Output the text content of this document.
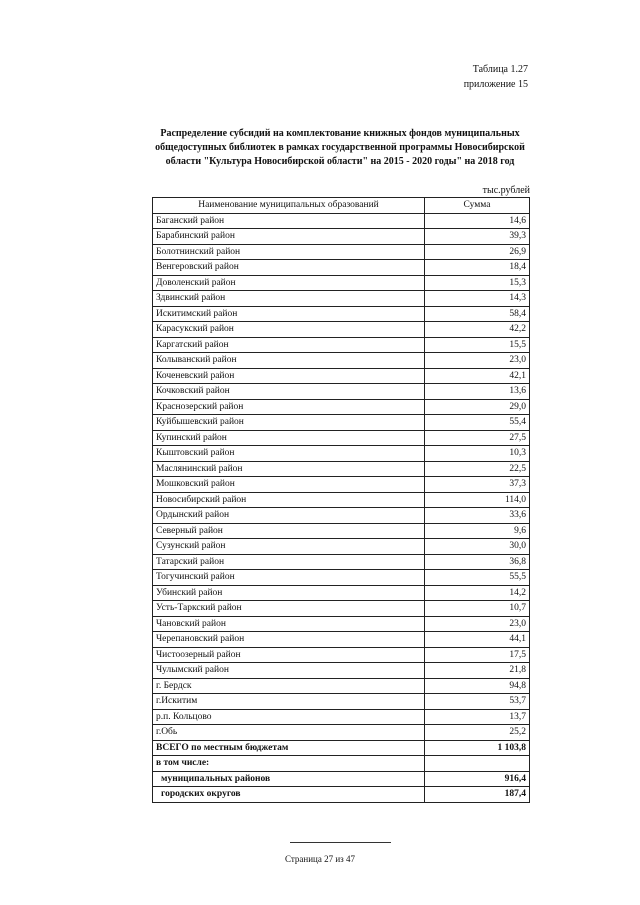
Таблица 1.27
приложение 15
Распределение субсидий на комплектование книжных фондов муниципальных общедоступных библиотек в рамках государственной программы Новосибирской области "Культура Новосибирской области" на 2015 - 2020 годы" на 2018 год
тыс.рублей
Наименование муниципальных образований	Сумма
Баганский район	14,6
Барабинский район	39,3
Болотнинский район	26,9
Венгеровский район	18,4
Доволенский район	15,3
Здвинский район	14,3
Искитимский район	58,4
Карасукский район	42,2
Каргатский район	15,5
Колыванский район	23,0
Коченевский район	42,1
Кочковский район	13,6
Краснозерский район	29,0
Куйбышевский район	55,4
Купинский район	27,5
Кыштовский район	10,3
Маслянинский район	22,5
Мошковский район	37,3
Новосибирский район	114,0
Ордынский район	33,6
Северный район	9,6
Сузунский район	30,0
Татарский район	36,8
Тогучинский район	55,5
Убинский район	14,2
Усть-Таркский район	10,7
Чановский район	23,0
Черепановский район	44,1
Чистоозерный район	17,5
Чулымский район	21,8
г. Бердск	94,8
г.Искитим	53,7
р.п. Кольцово	13,7
г.Обь	25,2
ВСЕГО по местным бюджетам	1 103,8
в том числе:	
муниципальных районов	916,4
городских округов	187,4
Страница 27 из 47
